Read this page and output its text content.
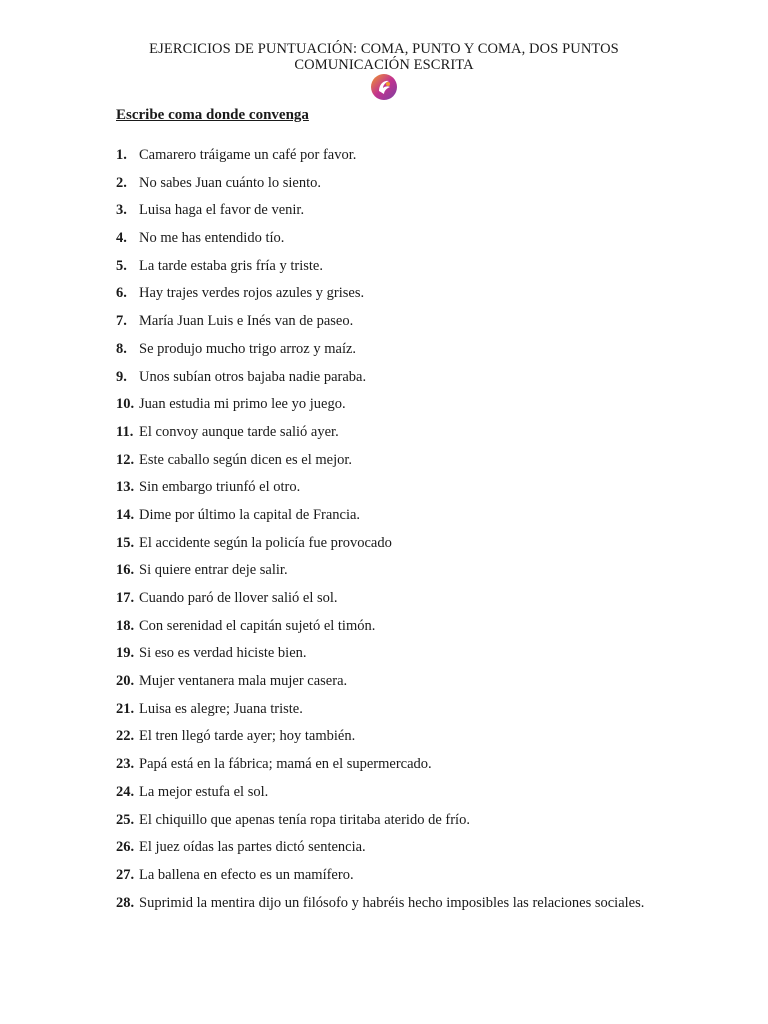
EJERCICIOS DE PUNTUACIÓN: COMA, PUNTO Y COMA, DOS PUNTOS
COMUNICACIÓN ESCRITA
Escribe coma donde convenga
1. Camarero tráigame un café por favor.
2. No sabes Juan cuánto lo siento.
3. Luisa haga el favor de venir.
4. No me has entendido tío.
5. La tarde estaba gris fría y triste.
6. Hay trajes verdes rojos azules y grises.
7. María Juan Luis e Inés van de paseo.
8. Se produjo mucho trigo arroz y maíz.
9. Unos subían otros bajaba nadie paraba.
10. Juan estudia mi primo lee yo juego.
11. El convoy aunque tarde salió ayer.
12. Este caballo según dicen es el mejor.
13. Sin embargo triunfó el otro.
14. Dime por último la capital de Francia.
15. El accidente según la policía fue provocado
16. Si quiere entrar deje salir.
17. Cuando paró de llover salió el sol.
18. Con serenidad el capitán sujetó el timón.
19. Si eso es verdad hiciste bien.
20. Mujer ventanera mala mujer casera.
21. Luisa es alegre; Juana triste.
22. El tren llegó tarde ayer; hoy también.
23. Papá está en la fábrica; mamá en el supermercado.
24. La mejor estufa el sol.
25. El chiquillo que apenas tenía ropa tiritaba aterido de frío.
26. El juez oídas las partes dictó sentencia.
27. La ballena en efecto es un mamífero.
28. Suprimid la mentira dijo un filósofo y habréis hecho imposibles las relaciones sociales.
